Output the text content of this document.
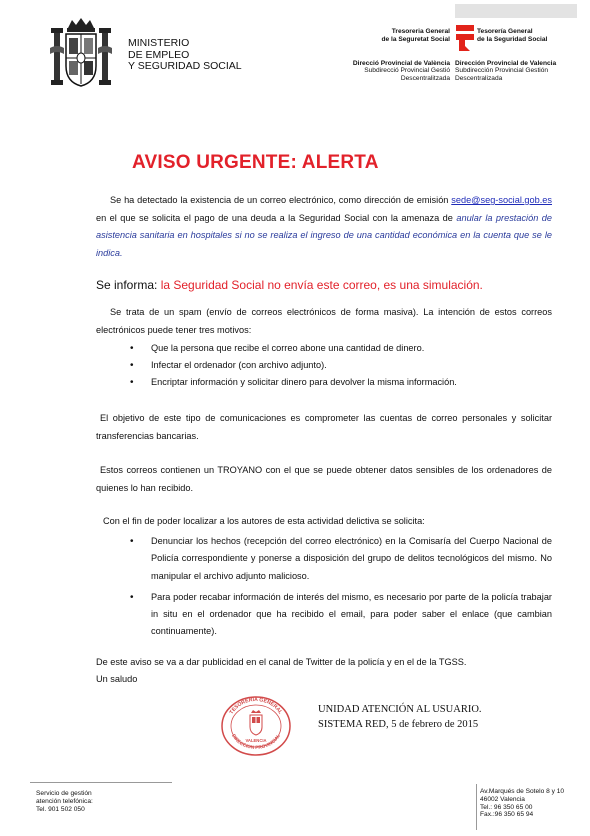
MINISTERIO
DE EMPLEO
Y SEGURIDAD SOCIAL
Tresoreria General
de la Seguretat Social
Direcció Provincial de València
Subdirecció Provincial Gestió
Descentralitzada
Tesorería General
de la Seguridad Social
Dirección Provincial de Valencia
Subdirección Provincial Gestión
Descentralizada
AVISO URGENTE: ALERTA
Se ha detectado la existencia de un correo electrónico, como dirección de emisión sede@seg-social.gob.es en el que se solicita el pago de una deuda a la Seguridad Social con la amenaza de anular la prestación de asistencia sanitaria en hospitales si no se realiza el ingreso de una cantidad económica en la cuenta que se le indica.
Se informa: la Seguridad Social no envía este correo, es una simulación.
Se trata de un spam (envío de correos electrónicos de forma masiva). La intención de estos correos electrónicos puede tener tres motivos:
• Que la persona que recibe el correo abone una cantidad de dinero.
• Infectar el ordenador (con archivo adjunto).
• Encriptar información y solicitar dinero para devolver la misma información.
El objetivo de este tipo de comunicaciones es comprometer las cuentas de correo personales y solicitar transferencias bancarias.
Estos correos contienen un TROYANO con el que se puede obtener datos sensibles de los ordenadores de quienes lo han recibido.
Con el fin de poder localizar a los autores de esta actividad delictiva se solicita:
• Denunciar los hechos (recepción del correo electrónico) en la Comisaría del Cuerpo Nacional de Policía correspondiente y ponerse a disposición del grupo de delitos tecnológicos del mismo. No manipular el archivo adjunto malicioso.
• Para poder recabar información de interés del mismo, es necesario por parte de la policía trabajar in situ en el ordenador que ha recibido el email, para poder saber el enlace (que cambian continuamente).
De este aviso se va a dar publicidad en el canal de Twitter de la policía y en el de la TGSS.
Un saludo
TESORERIA GENERAL
DIRECCION PROVINCIAL
VALENCIA
UNIDAD ATENCIÓN AL USUARIO.
SISTEMA RED, 5 de febrero de 2015
Servicio de gestión
atención telefónica:
Tel. 901 502 050
Av.Marqués de Sotelo 8 y 10
46002 Valencia
Tel.: 96 350 65 00
Fax.:96 350 65 94
